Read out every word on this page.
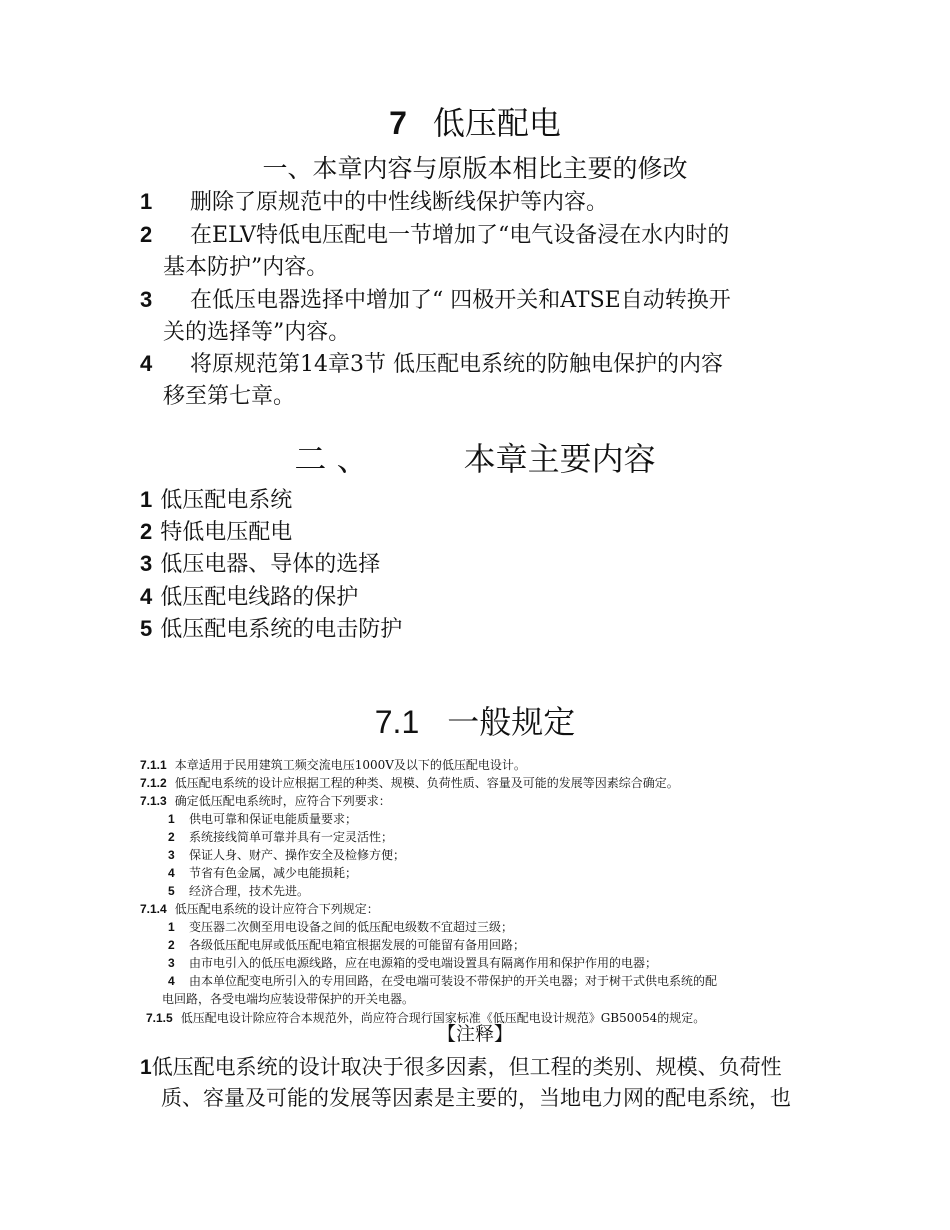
7 低压配电
一、本章内容与原版本相比主要的修改
1 删除了原规范中的中性线断线保护等内容。
2 在ELV特低电压配电一节增加了“电气设备浸在水内时的
基本防护”内容。
3 在低压电器选择中增加了“ 四极开关和ATSE自动转换开
关的选择等”内容。
4 将原规范第14章3节 低压配电系统的防触电保护的内容
移至第七章。
二 、	本章主要内容
1 低压配电系统
2 特低电压配电
3 低压电器、导体的选择
4 低压配电线路的保护
5 低压配电系统的电击防护
7.1 一般规定
7.1.1 本章适用于民用建筑工频交流电压1000V及以下的低压配电设计。
7.1.2 低压配电系统的设计应根据工程的种类、规模、负荷性质、容量及可能的发展等因素综合确定。
7.1.3 确定低压配电系统时，应符合下列要求：
1 供电可靠和保证电能质量要求；
2 系统接线简单可靠并具有一定灵活性；
3 保证人身、财产、操作安全及检修方便；
4 节省有色金属，减少电能损耗；
5 经济合理，技术先进。
7.1.4 低压配电系统的设计应符合下列规定：
1 变压器二次侧至用电设备之间的低压配电级数不宜超过三级；
2 各级低压配电屏或低压配电箱宜根据发展的可能留有备用回路；
3 由市电引入的低压电源线路，应在电源箱的受电端设置具有隔离作用和保护作用的电器；
4 由本单位配变电所引入的专用回路，在受电端可装设不带保护的开关电器；对于树干式供电系统的配
电回路，各受电端均应装设带保护的开关电器。
7.1.5 低压配电设计除应符合本规范外，尚应符合现行国家标准《低压配电设计规范》GB50054的规定。
【注释】
1低压配电系统的设计取决于很多因素，但工程的类别、规模、负荷性
质、容量及可能的发展等因素是主要的，当地电力网的配电系统，也
